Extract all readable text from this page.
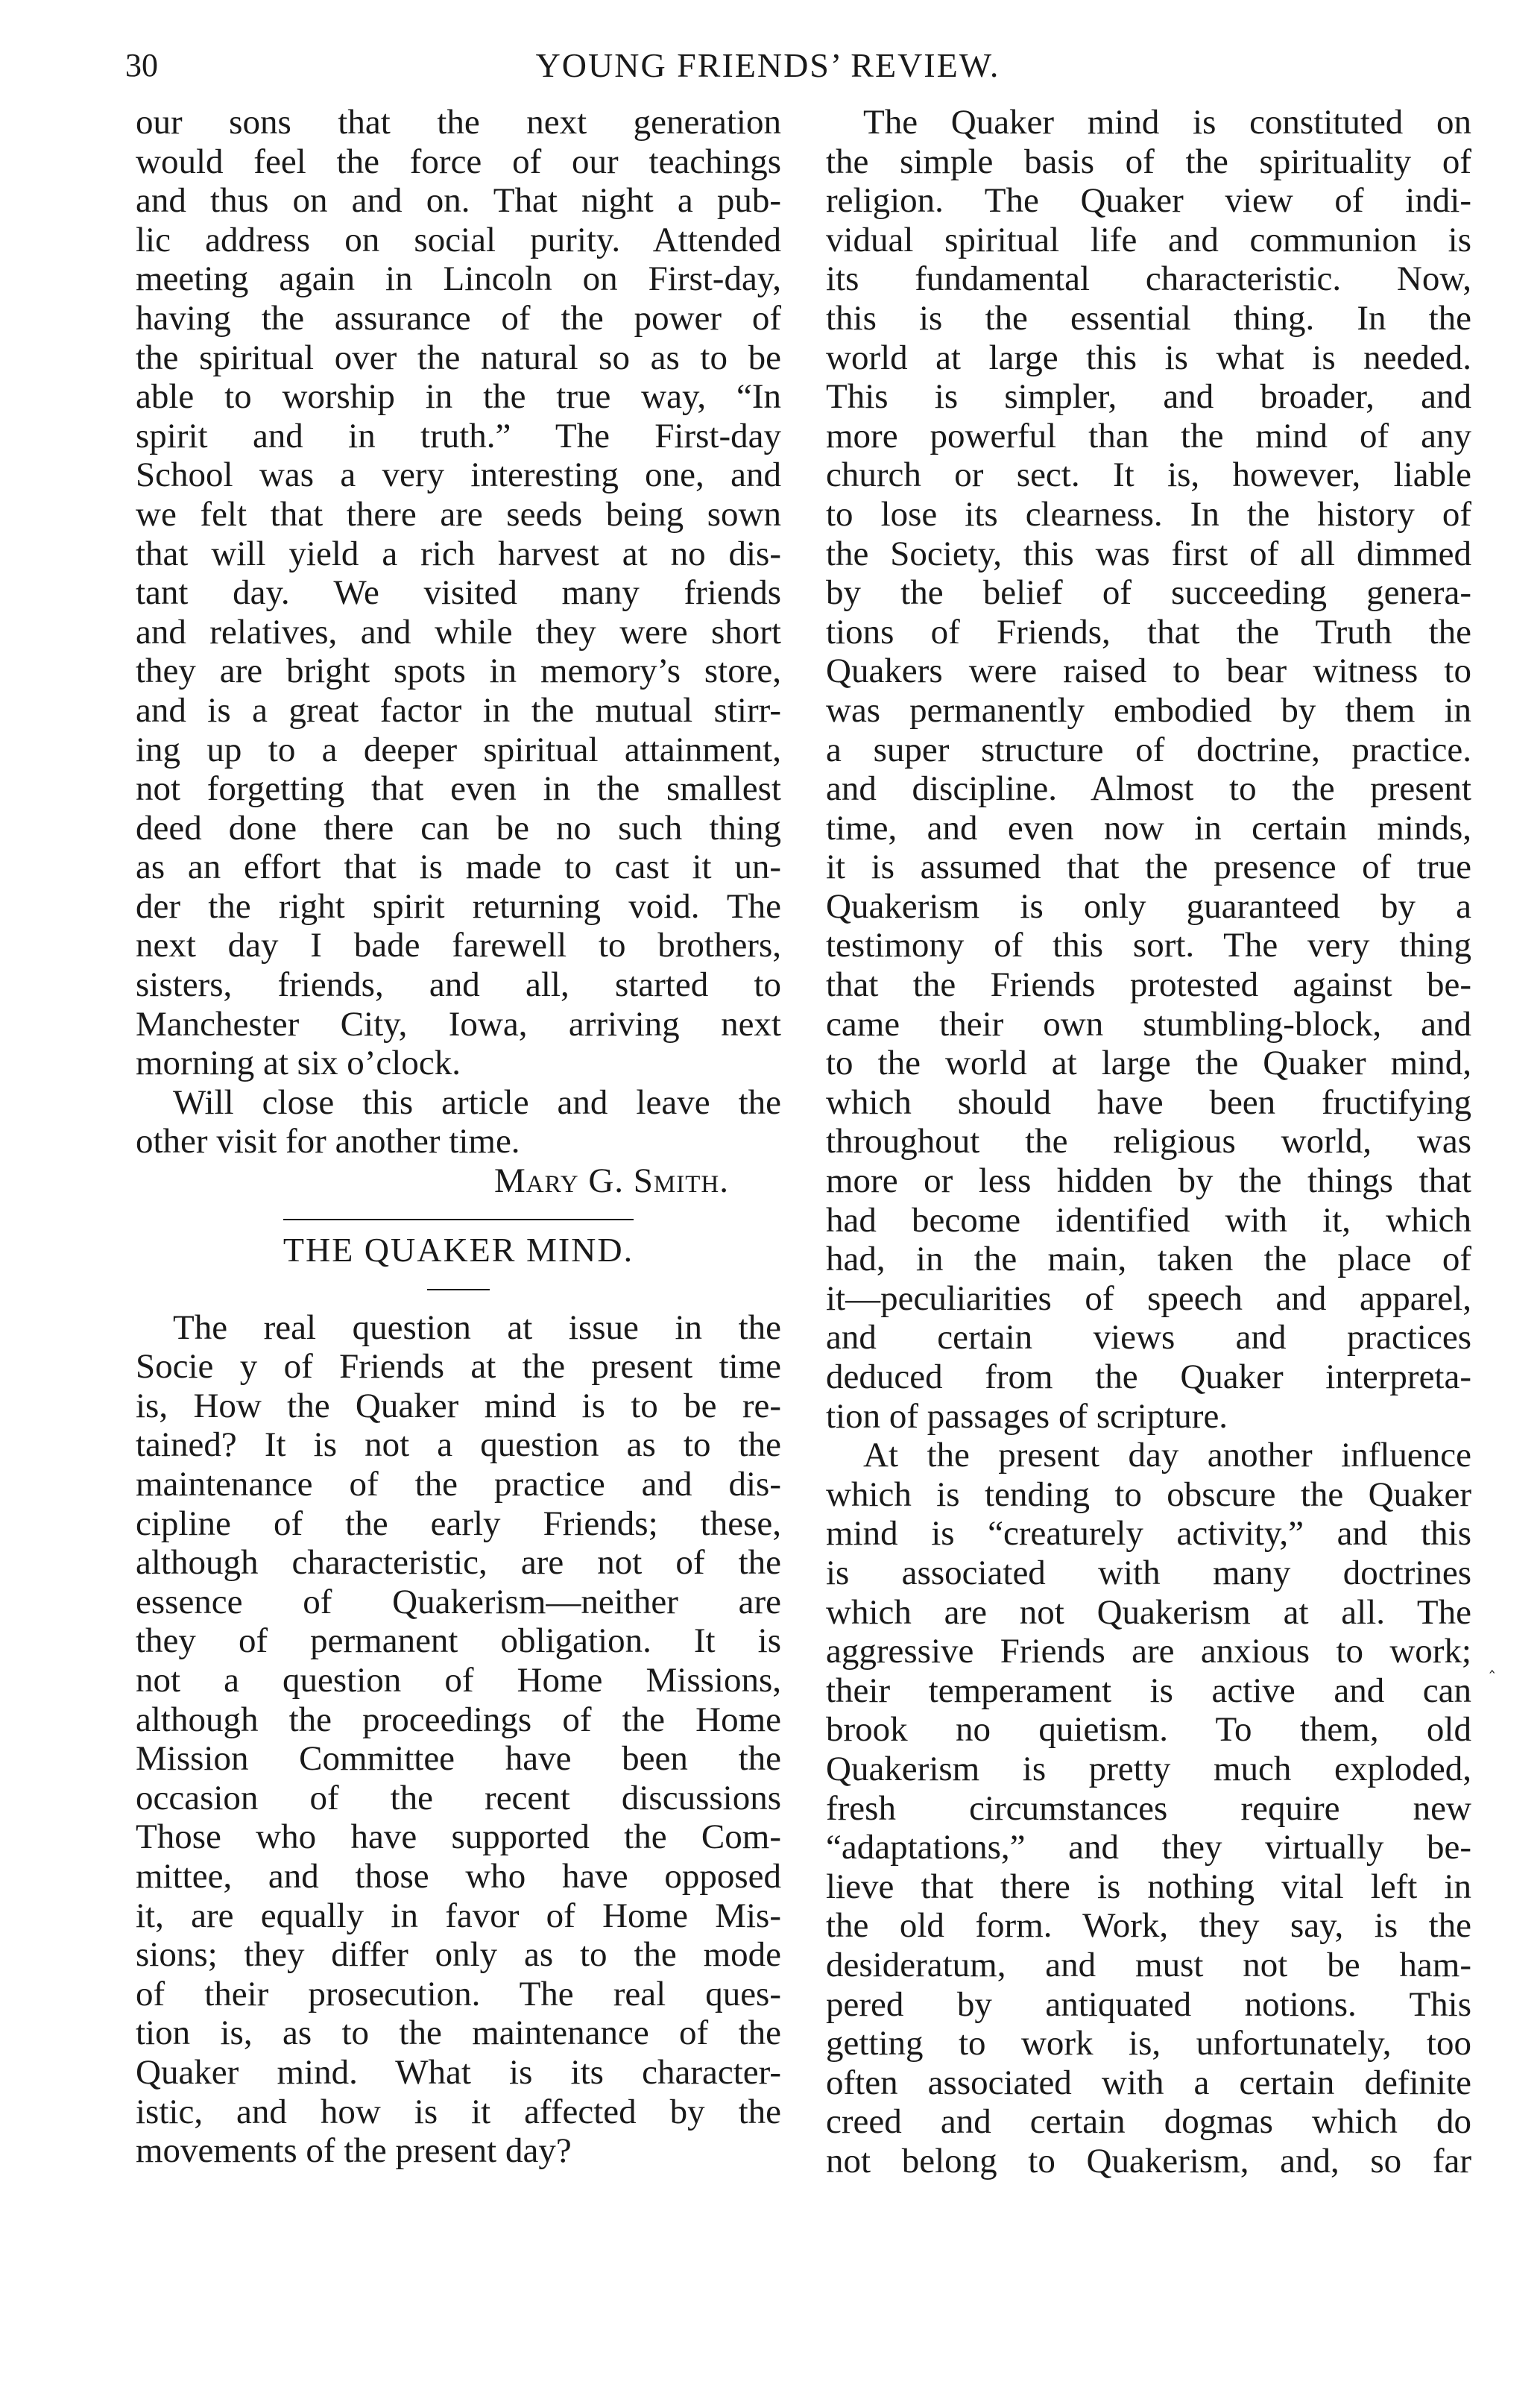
30	YOUNG FRIENDS’ REVIEW.
our sons that the next generation
would feel the force of our teachings
and thus on and on. That night a pub-
lic address on social purity. Attended
meeting again in Lincoln on First-day,
having the assurance of the power of
the spiritual over the natural so as to be
able to worship in the true way, “In
spirit and in truth.” The First-day
School was a very interesting one, and
we felt that there are seeds being sown
that will yield a rich harvest at no dis-
tant day. We visited many friends
and relatives, and while they were short
they are bright spots in memory’s store,
and is a great factor in the mutual stirr-
ing up to a deeper spiritual attainment,
not forgetting that even in the smallest
deed done there can be no such thing
as an effort that is made to cast it un-
der the right spirit returning void. The
next day I bade farewell to brothers,
sisters, friends, and all, started to
Manchester City, Iowa, arriving next
morning at six o’clock.
Will close this article and leave the
other visit for another time.
Mary G. Smith.
THE QUAKER MIND.
The real question at issue in the
Socie y of Friends at the present time
is, How the Quaker mind is to be re-
tained? It is not a question as to the
maintenance of the practice and dis-
cipline of the early Friends; these,
although characteristic, are not of the
essence of Quakerism—neither are
they of permanent obligation. It is
not a question of Home Missions,
although the proceedings of the Home
Mission Committee have been the
occasion of the recent discussions
Those who have supported the Com-
mittee, and those who have opposed
it, are equally in favor of Home Mis-
sions; they differ only as to the mode
of their prosecution. The real ques-
tion is, as to the maintenance of the
Quaker mind. What is its character-
istic, and how is it affected by the
movements of the present day?
The Quaker mind is constituted on
the simple basis of the spirituality of
religion. The Quaker view of indi-
vidual spiritual life and communion is
its fundamental characteristic. Now,
this is the essential thing. In the
world at large this is what is needed.
This is simpler, and broader, and
more powerful than the mind of any
church or sect. It is, however, liable
to lose its clearness. In the history of
the Society, this was first of all dimmed
by the belief of succeeding genera-
tions of Friends, that the Truth the
Quakers were raised to bear witness to
was permanently embodied by them in
a super structure of doctrine, practice.
and discipline. Almost to the present
time, and even now in certain minds,
it is assumed that the presence of true
Quakerism is only guaranteed by a
testimony of this sort. The very thing
that the Friends protested against be-
came their own stumbling-block, and
to the world at large the Quaker mind,
which should have been fructifying
throughout the religious world, was
more or less hidden by the things that
had become identified with it, which
had, in the main, taken the place of
it—peculiarities of speech and apparel,
and certain views and practices
deduced from the Quaker interpreta-
tion of passages of scripture.
At the present day another influence
which is tending to obscure the Quaker
mind is “creaturely activity,” and this
is associated with many doctrines
which are not Quakerism at all. The
aggressive Friends are anxious to work;
their temperament is active and can
brook no quietism. To them, old
Quakerism is pretty much exploded,
fresh circumstances require new
“adaptations,” and they virtually be-
lieve that there is nothing vital left in
the old form. Work, they say, is the
desideratum, and must not be ham-
pered by antiquated notions. This
getting to work is, unfortunately, too
often associated with a certain definite
creed and certain dogmas which do
not belong to Quakerism, and, so far
‸
